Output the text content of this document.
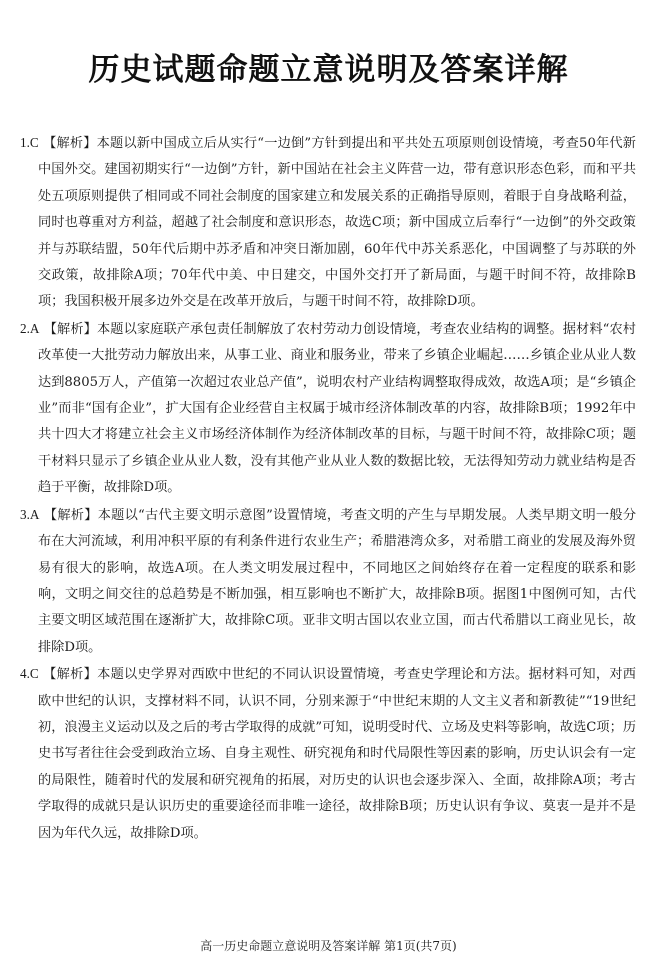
历史试题命题立意说明及答案详解

1.C 【解析】本题以新中国成立后从实行“一边倒”方针到提出和平共处五项原则创设情境，考查50年代新中国外交。建国初期实行“一边倒”方针，新中国站在社会主义阵营一边，带有意识形态色彩，而和平共处五项原则提供了相同或不同社会制度的国家建立和发展关系的正确指导原则，着眼于自身战略利益，同时也尊重对方利益，超越了社会制度和意识形态，故选C项；新中国成立后奉行“一边倒”的外交政策并与苏联结盟，50年代后期中苏矛盾和冲突日渐加剧，60年代中苏关系恶化，中国调整了与苏联的外交政策，故排除A项；70年代中美、中日建交，中国外交打开了新局面，与题干时间不符，故排除B项；我国积极开展多边外交是在改革开放后，与题干时间不符，故排除D项。

2.A 【解析】本题以家庭联产承包责任制解放了农村劳动力创设情境，考查农业结构的调整。据材料“农村改革使一大批劳动力解放出来，从事工业、商业和服务业，带来了乡镇企业崛起……乡镇企业从业人数达到8805万人，产值第一次超过农业总产值”，说明农村产业结构调整取得成效，故选A项；是“乡镇企业”而非“国有企业”，扩大国有企业经营自主权属于城市经济体制改革的内容，故排除B项；1992年中共十四大才将建立社会主义市场经济体制作为经济体制改革的目标，与题干时间不符，故排除C项；题干材料只显示了乡镇企业从业人数，没有其他产业从业人数的数据比较，无法得知劳动力就业结构是否趋于平衡，故排除D项。

3.A 【解析】本题以“古代主要文明示意图”设置情境，考查文明的产生与早期发展。人类早期文明一般分布在大河流域，利用冲积平原的有利条件进行农业生产；希腊港湾众多，对希腊工商业的发展及海外贸易有很大的影响，故选A项。在人类文明发展过程中，不同地区之间始终存在着一定程度的联系和影响，文明之间交往的总趋势是不断加强，相互影响也不断扩大，故排除B项。据图1中图例可知，古代主要文明区域范围在逐渐扩大，故排除C项。亚非文明古国以农业立国，而古代希腊以工商业见长，故排除D项。

4.C 【解析】本题以史学界对西欧中世纪的不同认识设置情境，考查史学理论和方法。据材料可知，对西欧中世纪的认识，支撑材料不同，认识不同，分别来源于“中世纪末期的人文主义者和新教徒”“19世纪初，浪漫主义运动以及之后的考古学取得的成就”可知，说明受时代、立场及史料等影响，故选C项；历史书写者往往会受到政治立场、自身主观性、研究视角和时代局限性等因素的影响，历史认识会有一定的局限性，随着时代的发展和研究视角的拓展，对历史的认识也会逐步深入、全面，故排除A项；考古学取得的成就只是认识历史的重要途径而非唯一途径，故排除B项；历史认识有争议、莫衷一是并不是因为年代久远，故排除D项。

高一历史命题立意说明及答案详解 第1页(共7页)
